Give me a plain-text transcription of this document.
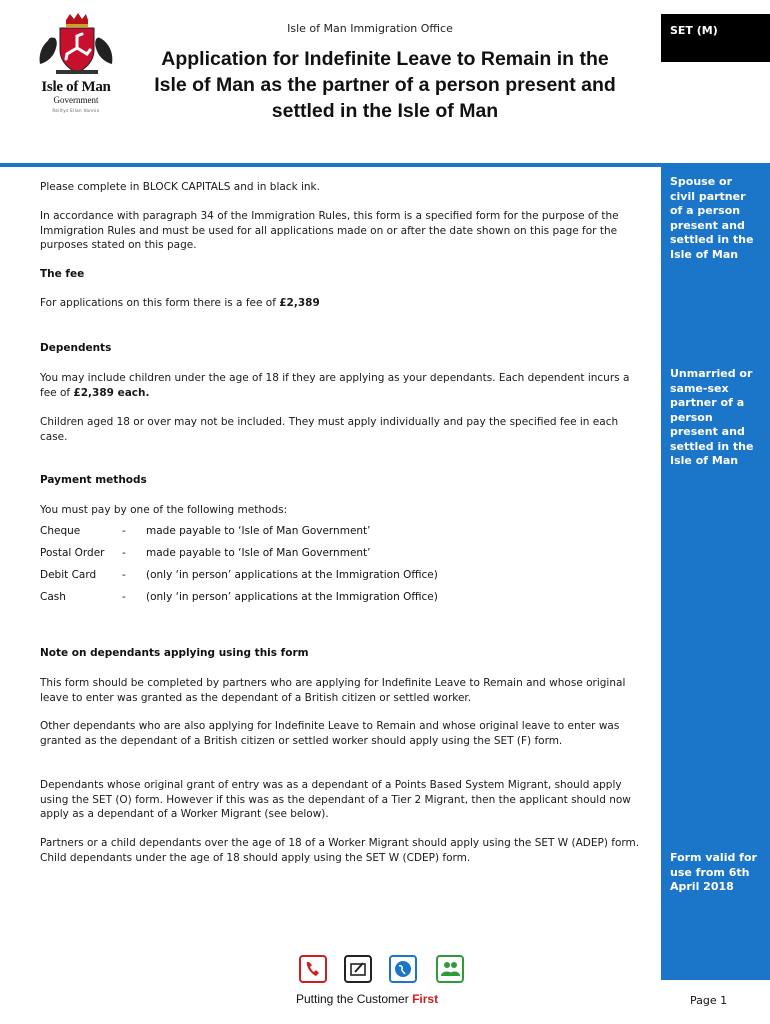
Isle of Man
Government
Reiltys Ellan Vannin
Isle of Man Immigration Office
Application for Indefinite Leave to Remain in the Isle of Man as the partner of a person present and settled in the Isle of Man
SET (M)
Spouse or civil partner of a person present and settled in the Isle of Man
Unmarried or same-sex partner of a person present and settled in the Isle of Man
Form valid for use from 6th April 2018
Please complete in BLOCK CAPITALS and in black ink.
In accordance with paragraph 34 of the Immigration Rules, this form is a specified form for the purpose of the Immigration Rules and must be used for all applications made on or after the date shown on this page for the purposes stated on this page.
The fee
For applications on this form there is a fee of £2,389
Dependents
You may include children under the age of 18 if they are applying as your dependants. Each dependent incurs a fee of £2,389 each.
Children aged 18 or over may not be included. They must apply individually and pay the specified fee in each case.
Payment methods
You must pay by one of the following methods:
Cheque	- made payable to ‘Isle of Man Government’
Postal Order - made payable to ‘Isle of Man Government’
Debit Card - (only ‘in person’ applications at the Immigration Office)
Cash	- (only ‘in person’ applications at the Immigration Office)
Note on dependants applying using this form
This form should be completed by partners who are applying for Indefinite Leave to Remain and whose original leave to enter was granted as the dependant of a British citizen or settled worker.
Other dependants who are also applying for Indefinite Leave to Remain and whose original leave to enter was granted as the dependant of a British citizen or settled worker should apply using the SET (F) form.
Dependants whose original grant of entry was as a dependant of a Points Based System Migrant, should apply using the SET (O) form. However if this was as the dependant of a Tier 2 Migrant, then the applicant should now apply as a dependant of a Worker Migrant (see below).
Partners or a child dependants over the age of 18 of a Worker Migrant should apply using the SET W (ADEP) form. Child dependants under the age of 18 should apply using the SET W (CDEP) form.
Putting the Customer First	Page 1
